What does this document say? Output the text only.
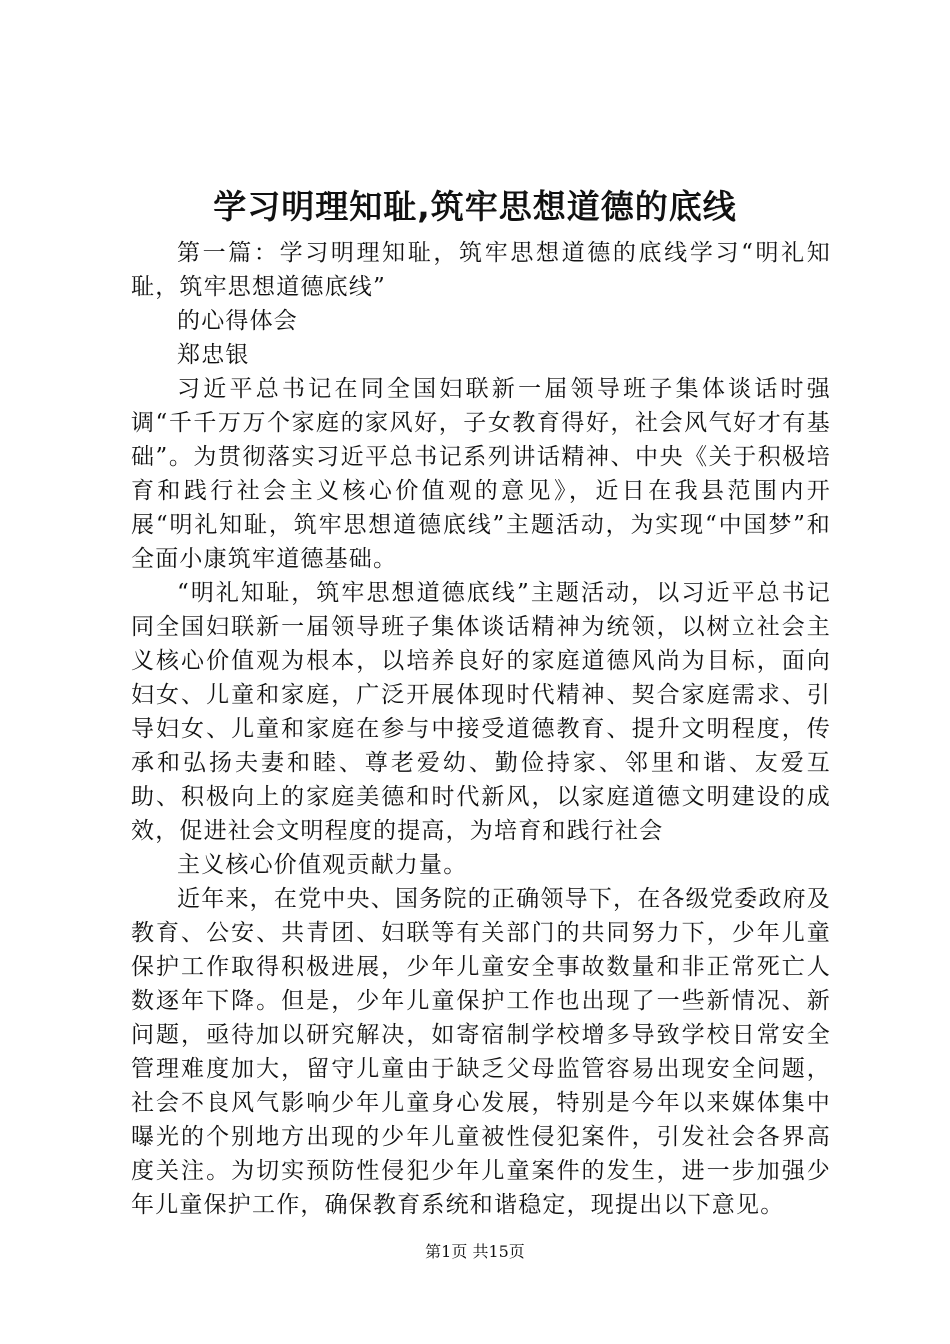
学习明理知耻,筑牢思想道德的底线

第一篇：学习明理知耻，筑牢思想道德的底线学习“明礼知耻，筑牢思想道德底线”

的心得体会

郑忠银

习近平总书记在同全国妇联新一届领导班子集体谈话时强调“千千万万个家庭的家风好，子女教育得好，社会风气好才有基础”。为贯彻落实习近平总书记系列讲话精神、中央《关于积极培育和践行社会主义核心价值观的意见》，近日在我县范围内开展“明礼知耻，筑牢思想道德底线”主题活动，为实现“中国梦”和全面小康筑牢道德基础。

“明礼知耻，筑牢思想道德底线”主题活动，以习近平总书记同全国妇联新一届领导班子集体谈话精神为统领，以树立社会主义核心价值观为根本，以培养良好的家庭道德风尚为目标，面向妇女、儿童和家庭，广泛开展体现时代精神、契合家庭需求、引导妇女、儿童和家庭在参与中接受道德教育、提升文明程度，传承和弘扬夫妻和睦、尊老爱幼、勤俭持家、邻里和谐、友爱互助、积极向上的家庭美德和时代新风，以家庭道德文明建设的成效，促进社会文明程度的提高，为培育和践行社会

主义核心价值观贡献力量。

近年来，在党中央、国务院的正确领导下，在各级党委政府及教育、公安、共青团、妇联等有关部门的共同努力下，少年儿童保护工作取得积极进展，少年儿童安全事故数量和非正常死亡人数逐年下降。但是，少年儿童保护工作也出现了一些新情况、新问题，亟待加以研究解决，如寄宿制学校增多导致学校日常安全管理难度加大，留守儿童由于缺乏父母监管容易出现安全问题，社会不良风气影响少年儿童身心发展，特别是今年以来媒体集中曝光的个别地方出现的少年儿童被性侵犯案件，引发社会各界高度关注。为切实预防性侵犯少年儿童案件的发生，进一步加强少年儿童保护工作，确保教育系统和谐稳定，现提出以下意见。

第1页 共15页
